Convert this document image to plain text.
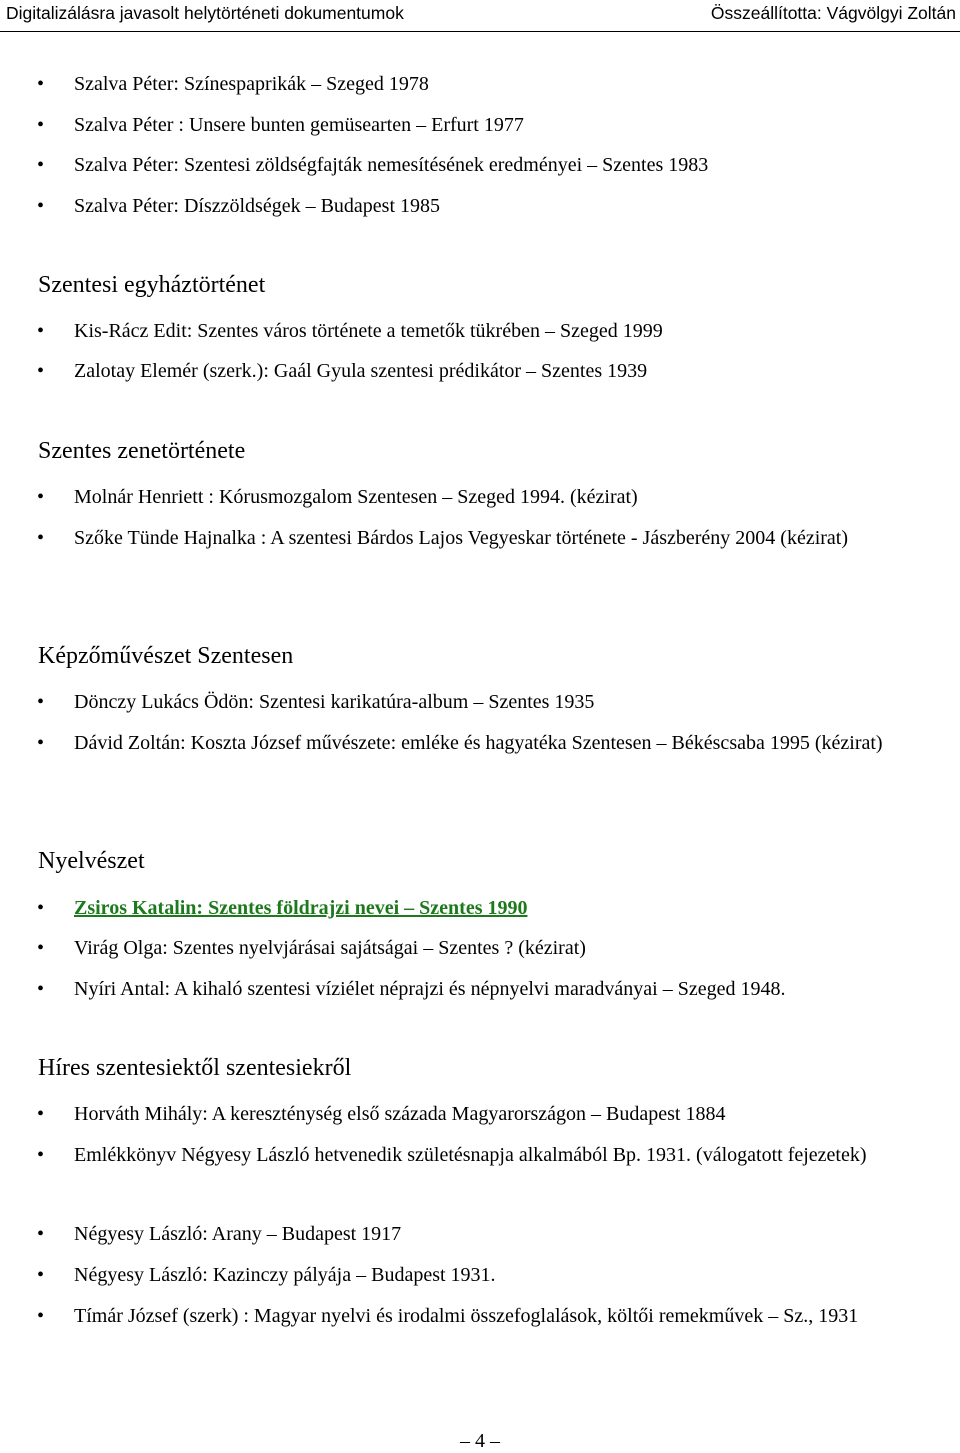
Digitalizálásra javasolt helytörténeti dokumentumok	Összeállította: Vágvölgyi Zoltán
• Szalva Péter: Színespaprikák – Szeged 1978
• Szalva Péter : Unsere bunten gemüsearten – Erfurt 1977
• Szalva Péter: Szentesi zöldségfajták nemesítésének eredményei – Szentes 1983
• Szalva Péter: Díszzöldségek – Budapest 1985
Szentesi egyháztörténet
• Kis-Rácz Edit: Szentes város története a temetők tükrében – Szeged 1999
• Zalotay Elemér (szerk.): Gaál Gyula szentesi prédikátor – Szentes 1939
Szentes zenetörténete
• Molnár Henriett : Kórusmozgalom Szentesen – Szeged 1994. (kézirat)
• Szőke Tünde Hajnalka : A szentesi Bárdos Lajos Vegyeskar története - Jászberény 2004 (kézirat)
Képzőművészet Szentesen
• Dönczy Lukács Ödön: Szentesi karikatúra-album – Szentes 1935
• Dávid Zoltán: Koszta József művészete: emléke és hagyatéka Szentesen – Békéscsaba 1995 (kézirat)
Nyelvészet
• Zsiros Katalin: Szentes földrajzi nevei – Szentes 1990
• Virág Olga: Szentes nyelvjárásai sajátságai – Szentes ? (kézirat)
• Nyíri Antal: A kihaló szentesi víziélet néprajzi és népnyelvi maradványai – Szeged 1948.
Híres szentesiektől szentesiekről
• Horváth Mihály: A kereszténység első százada Magyarországon – Budapest 1884
• Emlékkönyv Négyesy László hetvenedik születésnapja alkalmából Bp. 1931. (válogatott fejezetek)
• Négyesy László: Arany – Budapest 1917
• Négyesy László: Kazinczy pályája – Budapest 1931.
• Tímár József (szerk) : Magyar nyelvi és irodalmi összefoglalások, költői remekművek – Sz., 1931
– 4 –
